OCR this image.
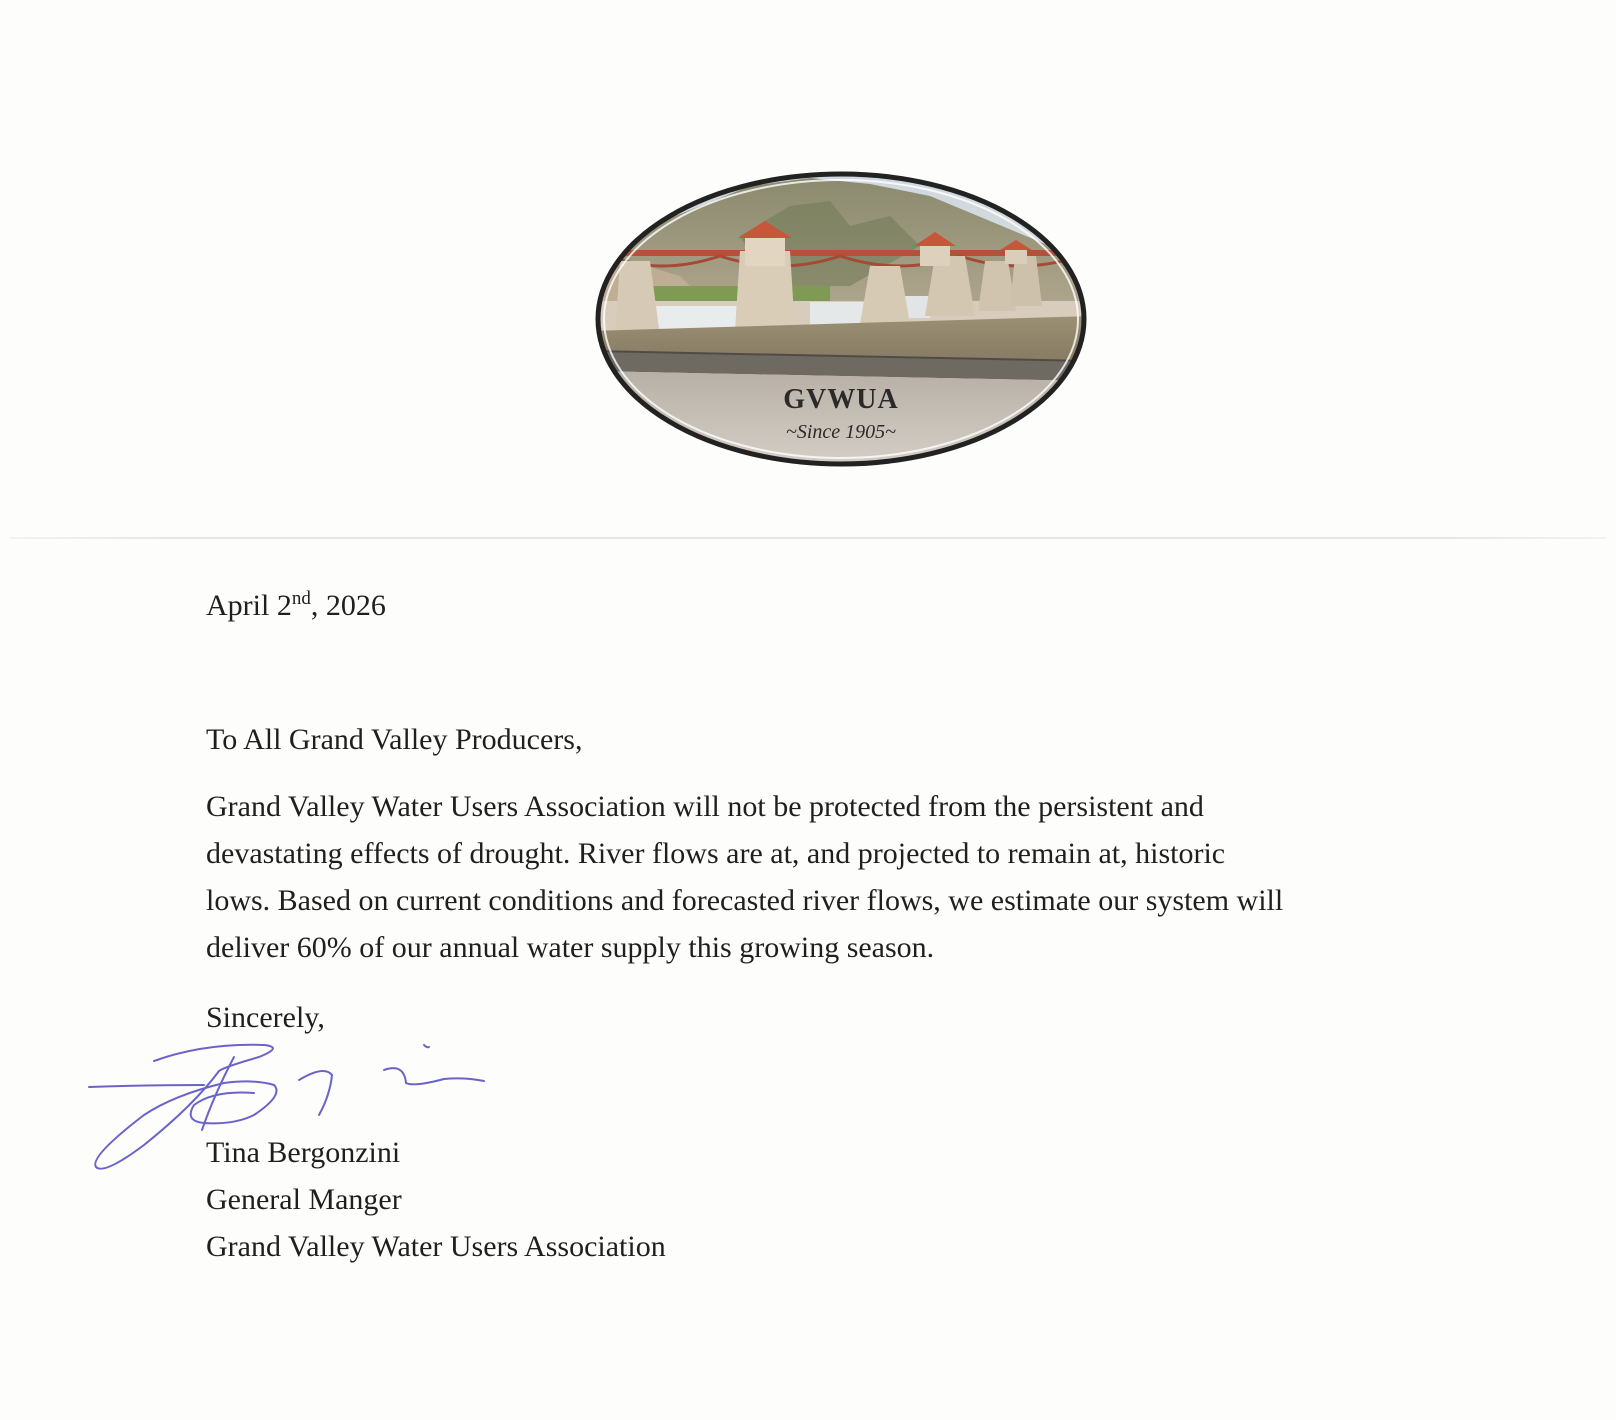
GVWUA
~Since 1905~
April 2nd, 2026
To All Grand Valley Producers,

Grand Valley Water Users Association will not be protected from the persistent and
devastating effects of drought. River flows are at, and projected to remain at, historic
lows. Based on current conditions and forecasted river flows, we estimate our system will
deliver 60% of our annual water supply this growing season.

Sincerely,
Tina Bergonzini
General Manger
Grand Valley Water Users Association
